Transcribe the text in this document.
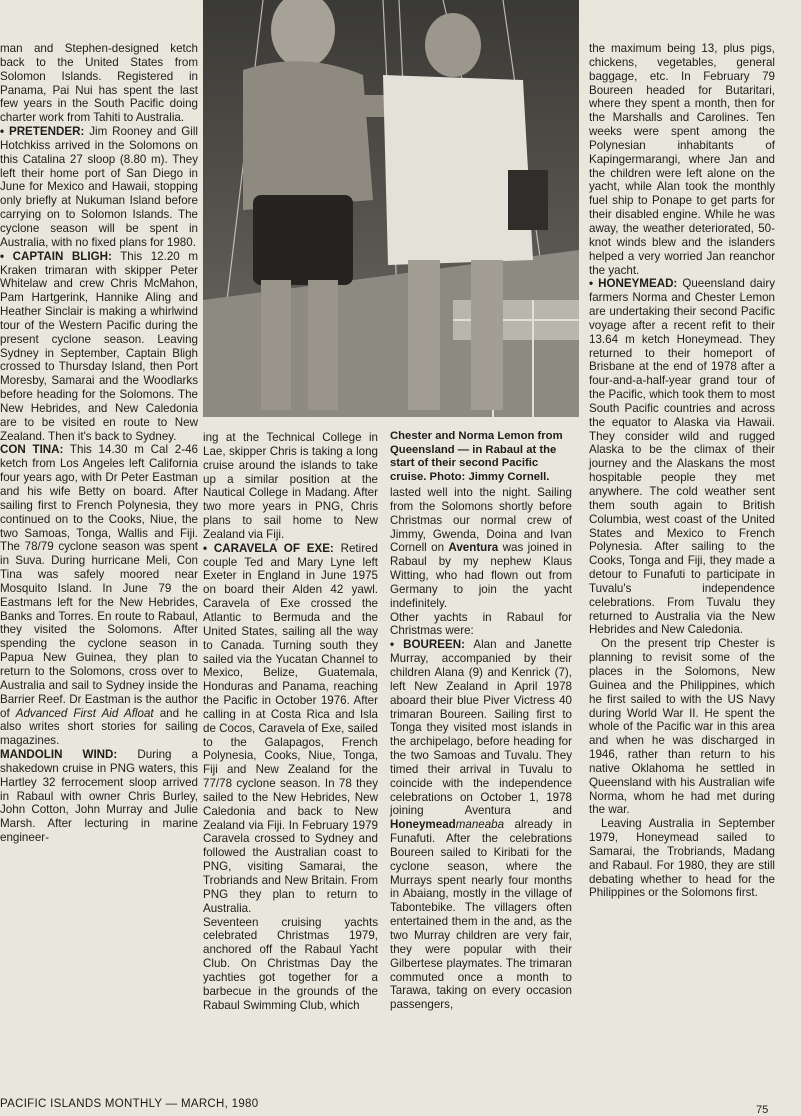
man and Stephen-designed ketch back to the United States from Solomon Islands. Registered in Panama, Pai Nui has spent the last few years in the South Pacific doing charter work from Tahiti to Australia.

• PRETENDER: Jim Rooney and Gill Hotchkiss arrived in the Solomons on this Catalina 27 sloop (8.80 m). They left their home port of San Diego in June for Mexico and Hawaii, stopping only briefly at Nukuman Island before carrying on to Solomon Islands. The cyclone season will be spent in Australia, with no fixed plans for 1980.

• CAPTAIN BLIGH: This 12.20 m Kraken trimaran with skipper Peter Whitelaw and crew Chris McMahon, Pam Hartgerink, Hannike Aling and Heather Sinclair is making a whirlwind tour of the Western Pacific during the present cyclone season. Leaving Sydney in September, Captain Bligh crossed to Thursday Island, then Port Moresby, Samarai and the Woodlarks before heading for the Solomons. The New Hebrides, and New Caledonia are to be visited en route to New Zealand. Then it's back to Sydney.

CON TINA: This 14.30 m Cal 2-46 ketch from Los Angeles left California four years ago, with Dr Peter Eastman and his wife Betty on board. After sailing first to French Polynesia, they continued on to the Cooks, Niue, the two Samoas, Tonga, Wallis and Fiji. The 78/79 cyclone season was spent in Suva. During hurricane Meli, Con Tina was safely moored near Mosquito Island. In June 79 the Eastmans left for the New Hebrides, Banks and Torres. En route to Rabaul, they visited the Solomons. After spending the cyclone season in Papua New Guinea, they plan to return to the Solomons, cross over to Australia and sail to Sydney inside the Barrier Reef. Dr Eastman is the author of Advanced First Aid Afloat and he also writes short stories for sailing magazines.

MANDOLIN WIND: During a shakedown cruise in PNG waters, this Hartley 32 ferrocement sloop arrived in Rabaul with owner Chris Burley, John Cotton, John Murray and Julie Marsh. After lecturing in marine engineer-

ing at the Technical College in Lae, skipper Chris is taking a long cruise around the islands to take up a similar position at the Nautical College in Madang. After two more years in PNG, Chris plans to sail home to New Zealand via Fiji.

• CARAVELA OF EXE: Retired couple Ted and Mary Lyne left Exeter in England in June 1975 on board their Alden 42 yawl. Caravela of Exe crossed the Atlantic to Bermuda and the United States, sailing all the way to Canada. Turning south they sailed via the Yucatan Channel to Mexico, Belize, Guatemala, Honduras and Panama, reaching the Pacific in October 1976. After calling in at Costa Rica and Isla de Cocos, Caravela of Exe, sailed to the Galapagos, French Polynesia, Cooks, Niue, Tonga, Fiji and New Zealand for the 77/78 cyclone season. In 78 they sailed to the New Hebrides, New Caledonia and back to New Zealand via Fiji. In February 1979 Caravela crossed to Sydney and followed the Australian coast to PNG, visiting Samarai, the Trobriands and New Britain. From PNG they plan to return to Australia.

Seventeen cruising yachts celebrated Christmas 1979, anchored off the Rabaul Yacht Club. On Christmas Day the yachties got together for a barbecue in the grounds of the Rabaul Swimming Club, which

Chester and Norma Lemon from Queensland — in Rabaul at the start of their second Pacific cruise. Photo: Jimmy Cornell.

lasted well into the night. Sailing from the Solomons shortly before Christmas our normal crew of Jimmy, Gwenda, Doina and Ivan Cornell on Aventura was joined in Rabaul by my nephew Klaus Witting, who had flown out from Germany to join the yacht indefinitely.

Other yachts in Rabaul for Christmas were:

• BOUREEN: Alan and Janette Murray, accompanied by their children Alana (9) and Kenrick (7), left New Zealand in April 1978 aboard their blue Piver Victress 40 trimaran Boureen. Sailing first to Tonga they visited most islands in the archipelago, before heading for the two Samoas and Tuvalu. They timed their arrival in Tuvalu to coincide with the independence celebrations on October 1, 1978 joining Aventura and Honeymeadmaneaba already in Funafuti. After the celebrations Boureen sailed to Kiribati for the cyclone season, where the Murrays spent nearly four months in Abaiang, mostly in the village of Tabontebike. The villagers often entertained them in the and, as the two Murray children are very fair, they were popular with their Gilbertese playmates. The trimaran commuted once a month to Tarawa, taking on every occasion passengers,

the maximum being 13, plus pigs, chickens, vegetables, general baggage, etc. In February 79 Boureen headed for Butaritari, where they spent a month, then for the Marshalls and Carolines. Ten weeks were spent among the Polynesian inhabitants of Kapingermarangi, where Jan and the children were left alone on the yacht, while Alan took the monthly fuel ship to Ponape to get parts for their disabled engine. While he was away, the weather deteriorated, 50-knot winds blew and the islanders helped a very worried Jan reanchor the yacht.

• HONEYMEAD: Queensland dairy farmers Norma and Chester Lemon are undertaking their second Pacific voyage after a recent refit to their 13.64 m ketch Honeymead. They returned to their homeport of Brisbane at the end of 1978 after a four-and-a-half-year grand tour of the Pacific, which took them to most South Pacific countries and across the equator to Alaska via Hawaii. They consider wild and rugged Alaska to be the climax of their journey and the Alaskans the most hospitable people they met anywhere. The cold weather sent them south again to British Columbia, west coast of the United States and Mexico to French Polynesia. After sailing to the Cooks, Tonga and Fiji, they made a detour to Funafuti to participate in Tuvalu's independence celebrations. From Tuvalu they returned to Australia via the New Hebrides and New Caledonia.

On the present trip Chester is planning to revisit some of the places in the Solomons, New Guinea and the Philippines, which he first sailed to with the US Navy during World War II. He spent the whole of the Pacific war in this area and when he was discharged in 1946, rather than return to his native Oklahoma he settled in Queensland with his Australian wife Norma, whom he had met during the war.

Leaving Australia in September 1979, Honeymead sailed to Samarai, the Trobriands, Madang and Rabaul. For 1980, they are still debating whether to head for the Philippines or the Solomons first.

PACIFIC ISLANDS MONTHLY — MARCH, 1980	75
